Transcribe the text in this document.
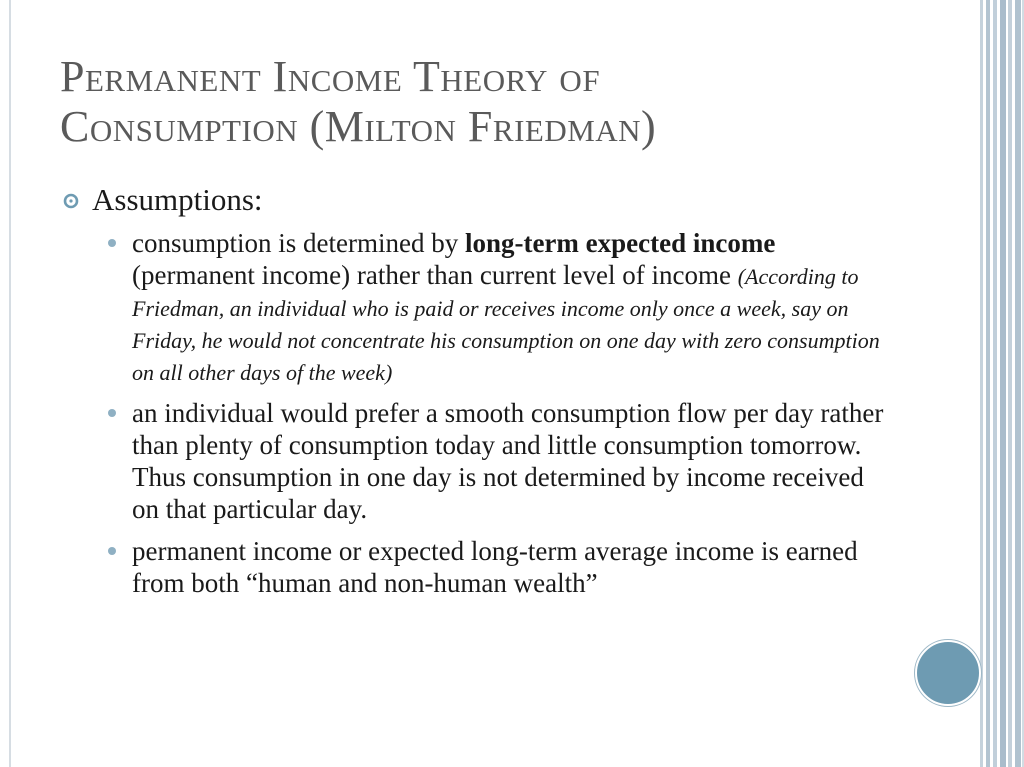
Permanent Income Theory of
Consumption (Milton Friedman)
Assumptions:
consumption is determined by long-term expected income (permanent income) rather than current level of income (According to Friedman, an individual who is paid or receives income only once a week, say on Friday, he would not concentrate his consumption on one day with zero consumption on all other days of the week)
an individual would prefer a smooth consumption flow per day rather than plenty of consumption today and little consumption tomorrow. Thus consumption in one day is not determined by income received on that particular day.
permanent income or expected long-term average income is earned from both “human and non-human wealth”
